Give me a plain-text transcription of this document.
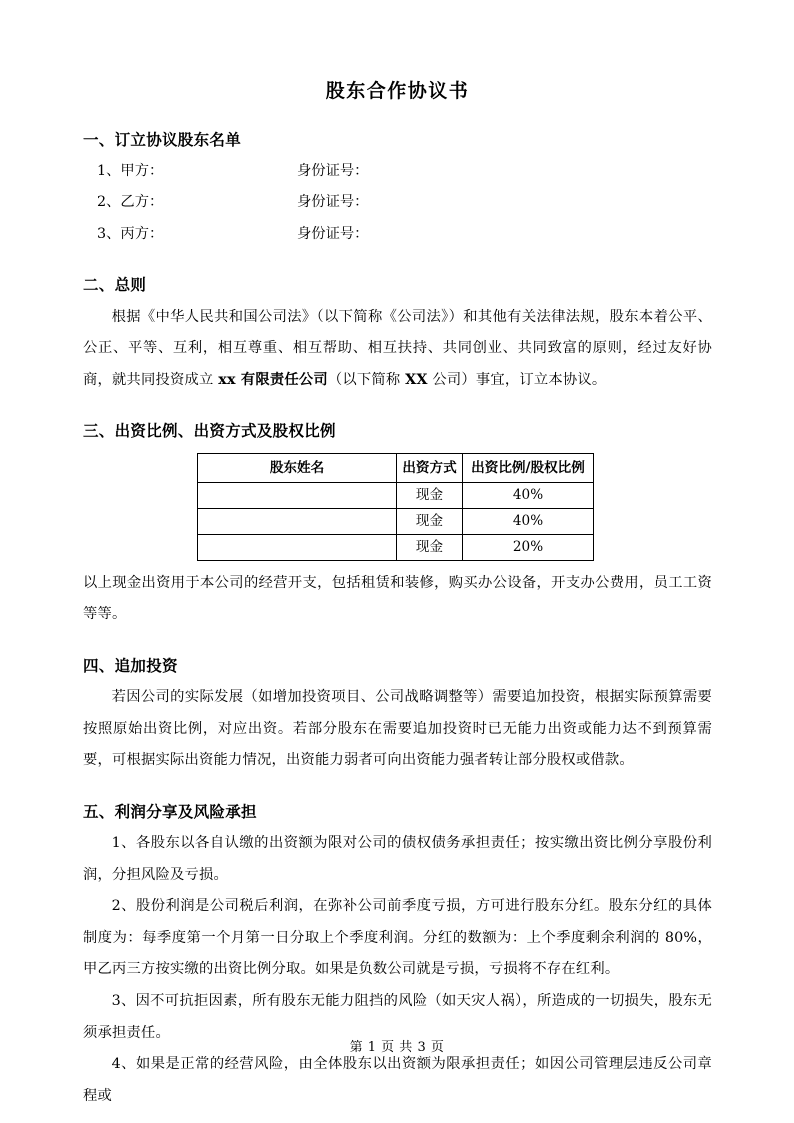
股东合作协议书
一、订立协议股东名单
1、甲方：	身份证号：
2、乙方：	身份证号：
3、丙方：	身份证号：
二、总则

根据《中华人民共和国公司法》（以下简称《公司法》）和其他有关法律法规，股东本着公平、公正、平等、互利，相互尊重、相互帮助、相互扶持、共同创业、共同致富的原则，经过友好协商，就共同投资成立 xx 有限责任公司（以下简称 XX 公司）事宜，订立本协议。

三、出资比例、出资方式及股权比例
股东姓名	出资方式	出资比例/股权比例
	现金	40%
	现金	40%
	现金	20%

以上现金出资用于本公司的经营开支，包括租赁和装修，购买办公设备，开支办公费用，员工工资等等。

四、追加投资

若因公司的实际发展（如增加投资项目、公司战略调整等）需要追加投资，根据实际预算需要按照原始出资比例，对应出资。若部分股东在需要追加投资时已无能力出资或能力达不到预算需要，可根据实际出资能力情况，出资能力弱者可向出资能力强者转让部分股权或借款。

五、利润分享及风险承担

1、各股东以各自认缴的出资额为限对公司的债权债务承担责任；按实缴出资比例分享股份利润，分担风险及亏损。

2、股份利润是公司税后利润，在弥补公司前季度亏损，方可进行股东分红。股东分红的具体制度为：每季度第一个月第一日分取上个季度利润。分红的数额为：上个季度剩余利润的 80%，甲乙丙三方按实缴的出资比例分取。如果是负数公司就是亏损，亏损将不存在红利。

3、因不可抗拒因素，所有股东无能力阻挡的风险（如天灾人祸），所造成的一切损失，股东无须承担责任。

4、如果是正常的经营风险，由全体股东以出资额为限承担责任；如因公司管理层违反公司章程或

第 1 页 共 3 页
